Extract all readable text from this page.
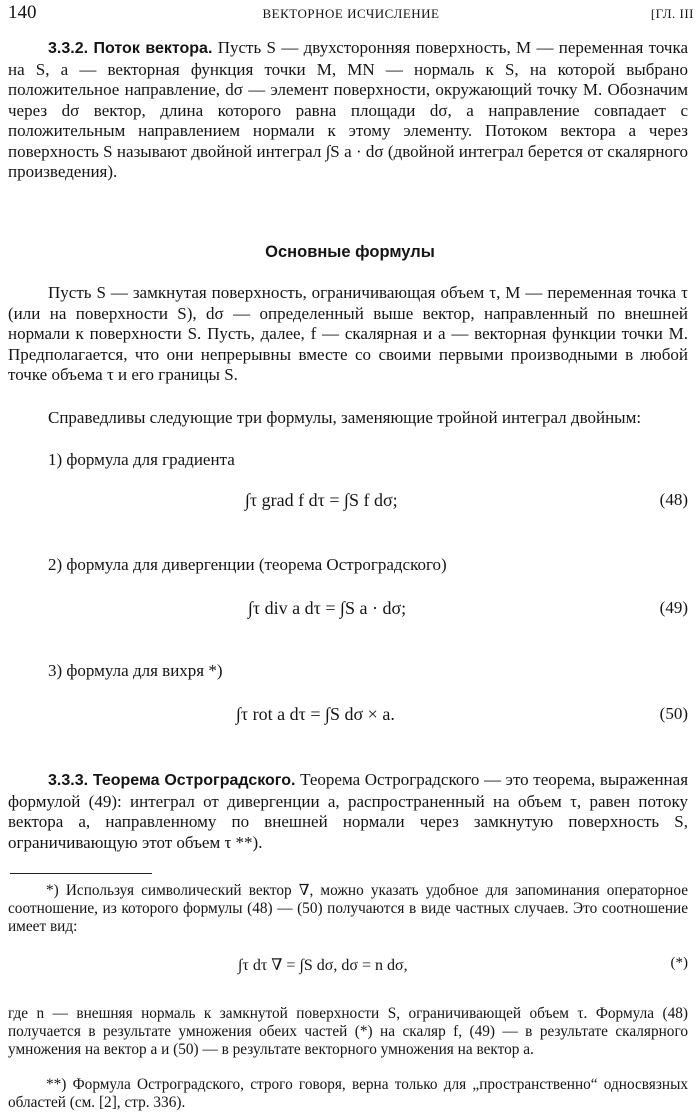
140	ВЕКТОРНОЕ ИСЧИСЛЕНИЕ	[ГЛ. III

3.3.2. Поток вектора. Пусть S — двухсторонняя поверхность, M — переменная точка на S, a — векторная функция точки M, MN — нормаль к S, на которой выбрано положительное направление, dσ — элемент поверхности, окружающий точку M. Обозначим через dσ вектор, длина которого равна площади dσ, а направление совпадает с положительным направлением нормали к этому элементу. Потоком вектора a через поверхность S называют двойной интеграл ∫S a · dσ (двойной интеграл берется от скалярного произведения).

Основные формулы

Пусть S — замкнутая поверхность, ограничивающая объем τ, M — переменная точка τ (или на поверхности S), dσ — определенный выше вектор, направленный по внешней нормали к поверхности S. Пусть, далее, f — скалярная и a — векторная функции точки M. Предполагается, что они непрерывны вместе со своими первыми производными в любой точке объема τ и его границы S.

Справедливы следующие три формулы, заменяющие тройной интеграл двойным:

1) формула для градиента
∫τ grad f dτ = ∫S f dσ;	(48)
2) формула для дивергенции (теорема Остроградского)
∫τ div a dτ = ∫S a · dσ;	(49)
3) формула для вихря *)
∫τ rot a dτ = ∫S dσ × a.	(50)

3.3.3. Теорема Остроградского. Теорема Остроградского — это теорема, выраженная формулой (49): интеграл от дивергенции a, распространенный на объем τ, равен потоку вектора a, направленному по внешней нормали через замкнутую поверхность S, ограничивающую этот объем τ **).

*) Используя символический вектор ∇, можно указать удобное для запоминания операторное соотношение, из которого формулы (48) — (50) получаются в виде частных случаев. Это соотношение имеет вид:

∫τ dτ ∇ = ∫S dσ, dσ = n dσ,	(*)

где n — внешняя нормаль к замкнутой поверхности S, ограничивающей объем τ. Формула (48) получается в результате умножения обеих частей (*) на скаляр f, (49) — в результате скалярного умножения на вектор a и (50) — в результате векторного умножения на вектор a.

**) Формула Остроградского, строго говоря, верна только для „пространственно“ односвязных областей (см. [2], стр. 336).
